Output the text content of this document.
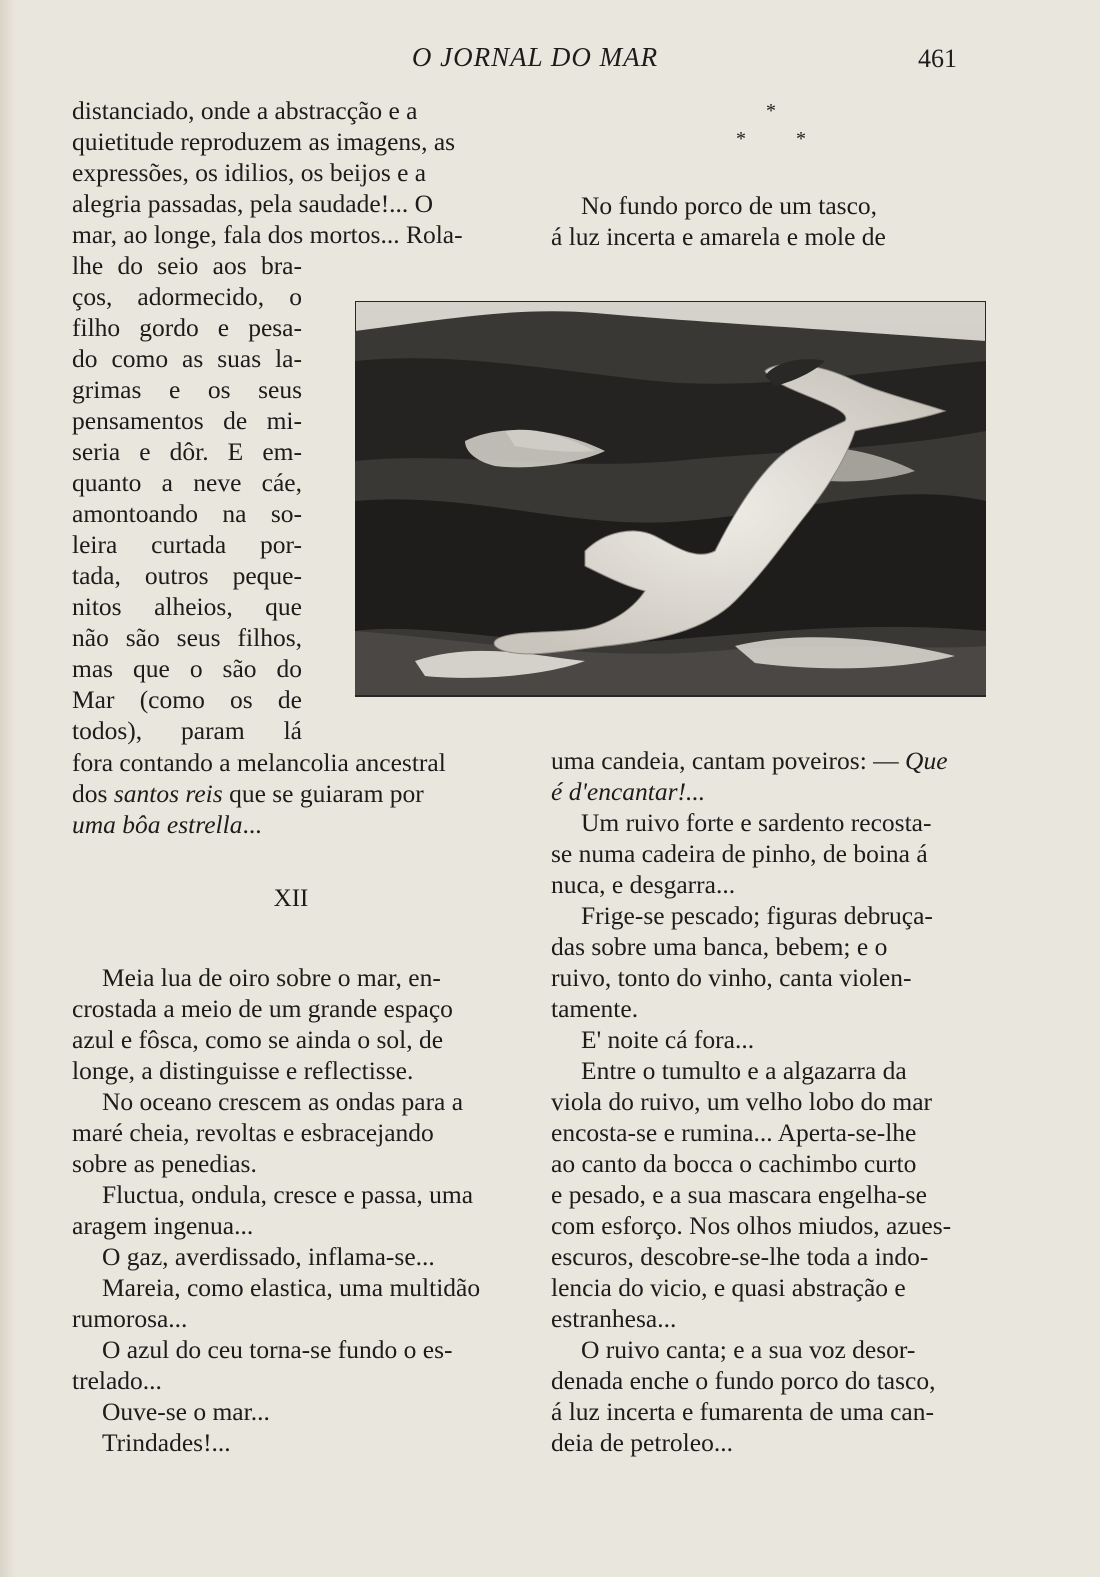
O JORNAL DO MAR	461

distanciado, onde a abstracção e a

quietitude reproduzem as imagens, as

expressões, os idilios, os beijos e a

alegria passadas, pela saudade!... O

mar, ao longe, fala dos mortos... Rola-

lhe do seio aos bra-

ços, adormecido, o

filho gordo e pesa-

do como as suas la-

grimas e os seus

pensamentos de mi-

seria e dôr. E em-

quanto a neve cáe,

amontoando na so-

leira curtada por-

tada, outros peque-

nitos alheios, que

não são seus filhos,

mas que o são do

Mar (como os de

todos), param lá

fora contando a melancolia ancestral

dos santos reis que se guiaram por

uma bôa estrella...

XII

Meia lua de oiro sobre o mar, en-

crostada a meio de um grande espaço

azul e fôsca, como se ainda o sol, de

longe, a distinguisse e reflectisse.

No oceano crescem as ondas para a

maré cheia, revoltas e esbracejando

sobre as penedias.

Fluctua, ondula, cresce e passa, uma

aragem ingenua...

O gaz, averdissado, inflama-se...

Mareia, como elastica, uma multidão

rumorosa...

O azul do ceu torna-se fundo o es-

trelado...

Ouve-se o mar...

Trindades!...

*
*	*

No fundo porco de um tasco,

á luz incerta e amarela e mole de

uma candeia, cantam poveiros: — Que

é d'encantar!...

Um ruivo forte e sardento recosta-

se numa cadeira de pinho, de boina á

nuca, e desgarra...

Frige-se pescado; figuras debruça-

das sobre uma banca, bebem; e o

ruivo, tonto do vinho, canta violen-

tamente.

E' noite cá fora...

Entre o tumulto e a algazarra da

viola do ruivo, um velho lobo do mar

encosta-se e rumina... Aperta-se-lhe

ao canto da bocca o cachimbo curto

e pesado, e a sua mascara engelha-se

com esforço. Nos olhos miudos, azues-

escuros, descobre-se-lhe toda a indo-

lencia do vicio, e quasi abstração e

estranhesa...

O ruivo canta; e a sua voz desor-

denada enche o fundo porco do tasco,

á luz incerta e fumarenta de uma can-

deia de petroleo...
